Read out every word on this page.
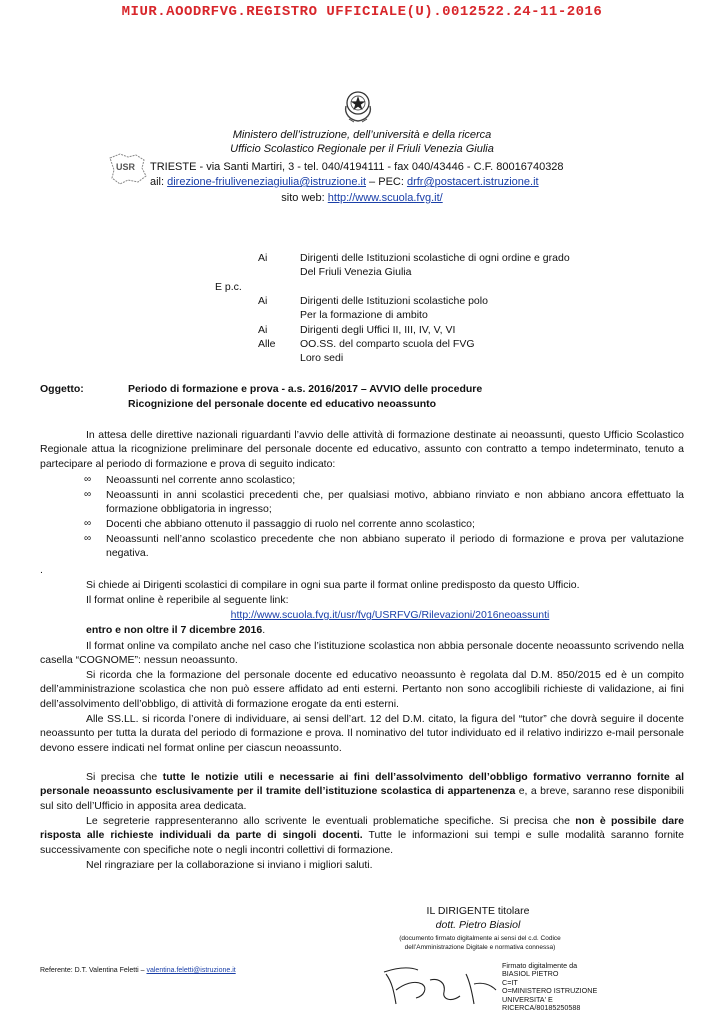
MIUR.AOODRFVG.REGISTRO UFFICIALE(U).0012522.24-11-2016
Ministero dell’istruzione, dell’università e della ricerca
Ufficio Scolastico Regionale per il Friuli Venezia Giulia
USR TRIESTE - via Santi Martiri, 3 - tel. 040/4194111 - fax 040/43446 - C.F. 80016740328
ail: direzione-friuliveneziagiulia@istruzione.it – PEC: drfr@postacert.istruzione.it
sito web: http://www.scuola.fvg.it/
Ai	Dirigenti delle Istituzioni scolastiche di ogni ordine e grado
Del Friuli Venezia Giulia
E p.c.
Ai	Dirigenti delle Istituzioni scolastiche polo
Per la formazione di ambito
Ai	Dirigenti degli Uffici II, III, IV, V, VI
Alle OO.SS. del comparto scuola del FVG
Loro sedi
Oggetto:	Periodo di formazione e prova - a.s. 2016/2017 – AVVIO delle procedure
Ricognizione del personale docente ed educativo neoassunto
In attesa delle direttive nazionali riguardanti l’avvio delle attività di formazione destinate ai neoassunti, questo Ufficio Scolastico Regionale attua la ricognizione preliminare del personale docente ed educativo, assunto con contratto a tempo indeterminato, tenuto a partecipare al periodo di formazione e prova di seguito indicato:
∞ Neoassunti nel corrente anno scolastico;
∞ Neoassunti in anni scolastici precedenti che, per qualsiasi motivo, abbiano rinviato e non abbiano ancora effettuato la formazione obbligatoria in ingresso;
∞ Docenti che abbiano ottenuto il passaggio di ruolo nel corrente anno scolastico;
∞ Neoassunti nell’anno scolastico precedente che non abbiano superato il periodo di formazione e prova per valutazione negativa.
.
Si chiede ai Dirigenti scolastici di compilare in ogni sua parte il format online predisposto da questo Ufficio.
Il format online è reperibile al seguente link:
http://www.scuola.fvg.it/usr/fvg/USRFVG/Rilevazioni/2016neoassunti
entro e non oltre il 7 dicembre 2016.
Il format online va compilato anche nel caso che l’istituzione scolastica non abbia personale docente neoassunto scrivendo nella casella “COGNOME”: nessun neoassunto.
Si ricorda che la formazione del personale docente ed educativo neoassunto è regolata dal D.M. 850/2015 ed è un compito dell’amministrazione scolastica che non può essere affidato ad enti esterni. Pertanto non sono accoglibili richieste di validazione, ai fini dell’assolvimento dell’obbligo, di attività di formazione erogate da enti esterni.
Alle SS.LL. si ricorda l’onere di individuare, ai sensi dell’art. 12 del D.M. citato, la figura del “tutor” che dovrà seguire il docente neoassunto per tutta la durata del periodo di formazione e prova. Il nominativo del tutor individuato ed il relativo indirizzo e-mail personale devono essere indicati nel format online per ciascun neoassunto.
Si precisa che tutte le notizie utili e necessarie ai fini dell’assolvimento dell’obbligo formativo verranno fornite al personale neoassunto esclusivamente per il tramite dell’istituzione scolastica di appartenenza e, a breve, saranno rese disponibili sul sito dell’Ufficio in apposita area dedicata.
Le segreterie rappresenteranno allo scrivente le eventuali problematiche specifiche. Si precisa che non è possibile dare risposta alle richieste individuali da parte di singoli docenti. Tutte le informazioni sui tempi e sulle modalità saranno fornite successivamente con specifiche note o negli incontri collettivi di formazione.
Nel ringraziare per la collaborazione si inviano i migliori saluti.
IL DIRIGENTE titolare
dott. Pietro Biasiol
(documento firmato digitalmente ai sensi del c.d. Codice
dell’Amministrazione Digitale e normativa connessa)
Firmato digitalmente da
BIASIOL PIETRO
C=IT
O=MINISTERO ISTRUZIONE
UNIVERSITA' E
RICERCA/80185250588
Referente: D.T. Valentina Feletti – valentina.feletti@istruzione.it
